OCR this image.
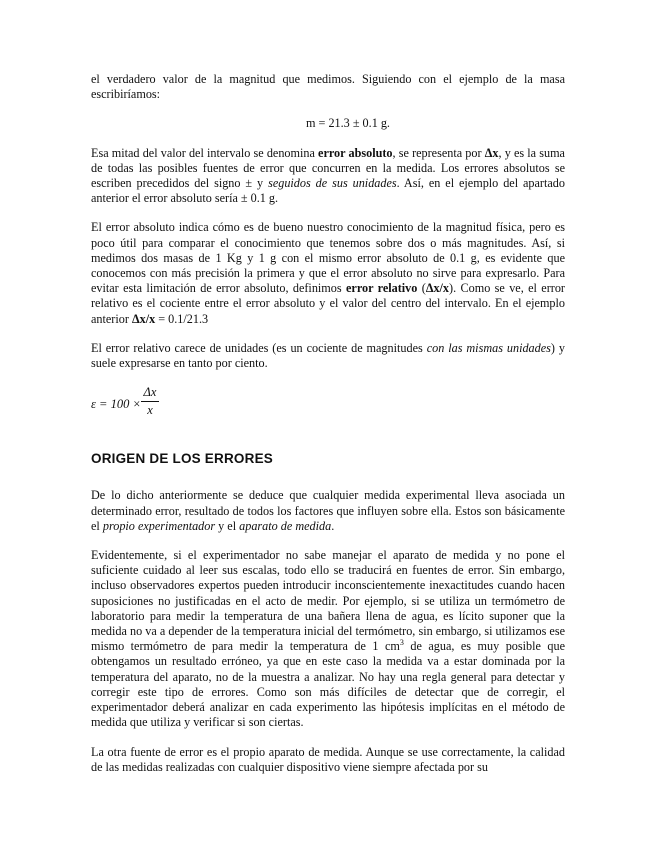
el verdadero valor de la magnitud que medimos. Siguiendo con el ejemplo de la masa escribiríamos:

m = 21.3 ± 0.1 g.

Esa mitad del valor del intervalo se denomina error absoluto, se representa por Δx, y es la suma de todas las posibles fuentes de error que concurren en la medida. Los errores absolutos se escriben precedidos del signo ± y seguidos de sus unidades. Así, en el ejemplo del apartado anterior el error absoluto sería ± 0.1 g.

El error absoluto indica cómo es de bueno nuestro conocimiento de la magnitud física, pero es poco útil para comparar el conocimiento que tenemos sobre dos o más magnitudes. Así, si medimos dos masas de 1 Kg y 1 g con el mismo error absoluto de 0.1 g, es evidente que conocemos con más precisión la primera y que el error absoluto no sirve para expresarlo. Para evitar esta limitación de error absoluto, definimos error relativo (Δx/x). Como se ve, el error relativo es el cociente entre el error absoluto y el valor del centro del intervalo. En el ejemplo anterior Δx/x = 0.1/21.3

El error relativo carece de unidades (es un cociente de magnitudes con las mismas unidades) y suele expresarse en tanto por ciento.

$\varepsilon = 100 \times \frac{\Delta x}{x}$
ORIGEN DE LOS ERRORES

De lo dicho anteriormente se deduce que cualquier medida experimental lleva asociada un determinado error, resultado de todos los factores que influyen sobre ella. Estos son básicamente el propio experimentador y el aparato de medida.

Evidentemente, si el experimentador no sabe manejar el aparato de medida y no pone el suficiente cuidado al leer sus escalas, todo ello se traducirá en fuentes de error. Sin embargo, incluso observadores expertos pueden introducir inconscientemente inexactitudes cuando hacen suposiciones no justificadas en el acto de medir. Por ejemplo, si se utiliza un termómetro de laboratorio para medir la temperatura de una bañera llena de agua, es lícito suponer que la medida no va a depender de la temperatura inicial del termómetro, sin embargo, si utilizamos ese mismo termómetro de para medir la temperatura de 1 $cm^3$ de agua, es muy posible que obtengamos un resultado erróneo, ya que en este caso la medida va a estar dominada por la temperatura del aparato, no de la muestra a analizar. No hay una regla general para detectar y corregir este tipo de errores. Como son más difíciles de detectar que de corregir, el experimentador deberá analizar en cada experimento las hipótesis implícitas en el método de medida que utiliza y verificar si son ciertas.

La otra fuente de error es el propio aparato de medida. Aunque se use correctamente, la calidad de las medidas realizadas con cualquier dispositivo viene siempre afectada por su
